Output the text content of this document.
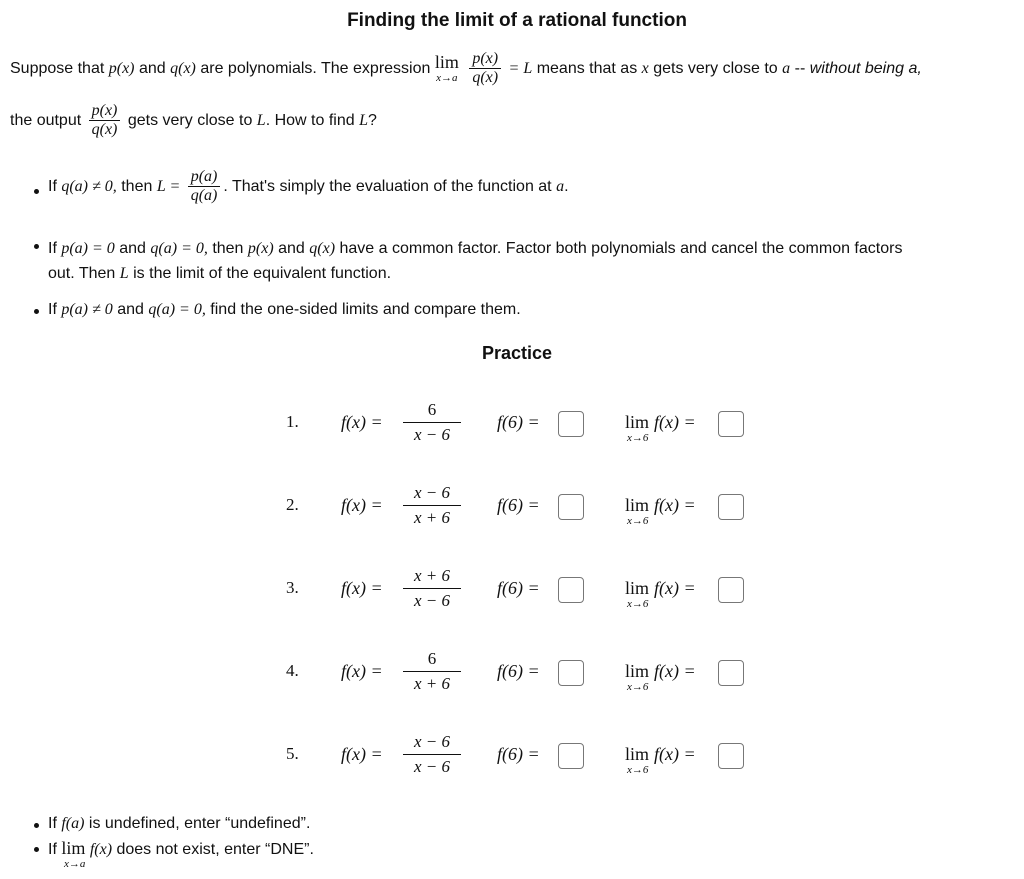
Finding the limit of a rational function
Suppose that p(x) and q(x) are polynomials. The expression lim
x→a
$\frac{p(x)}{q(x)} = L$ means that as x gets very close to a -- without being a,
the output $\frac{p(x)}{q(x)}$ gets very close to L. How to find L?
If q(a) ≠ 0, then $L = \frac{p(a)}{q(a)}$ . That's simply the evaluation of the function at a.
If p(a) = 0 and q(a) = 0, then p(x) and q(x) have a common factor. Factor both polynomials and cancel the common factors
out. Then L is the limit of the equivalent function.
If p(a) ≠ 0 and q(a) = 0, find the one-sided limits and compare them.
Practice
1. $f(x) = \frac{6}{x - 6} f(6)$ =	lim f(x) =
x→6
2. $f(x) = \frac{x - 6}{x + 6} f(6)$ =	lim f(x) =
x→6
3. $f(x) = \frac{x + 6}{x - 6} f(6)$ =	lim f(x) =
x→6
4. $f(x) = \frac{6}{x + 6} f(6)$ =	lim f(x) =
x→6
5. $f(x) = \frac{x - 6}{x - 6} f(6)$ =	lim f(x) =
x→6
If f(a) is undefined, enter “undefined”.
If lim f(x) does not exist, enter “DNE”.
x→a
